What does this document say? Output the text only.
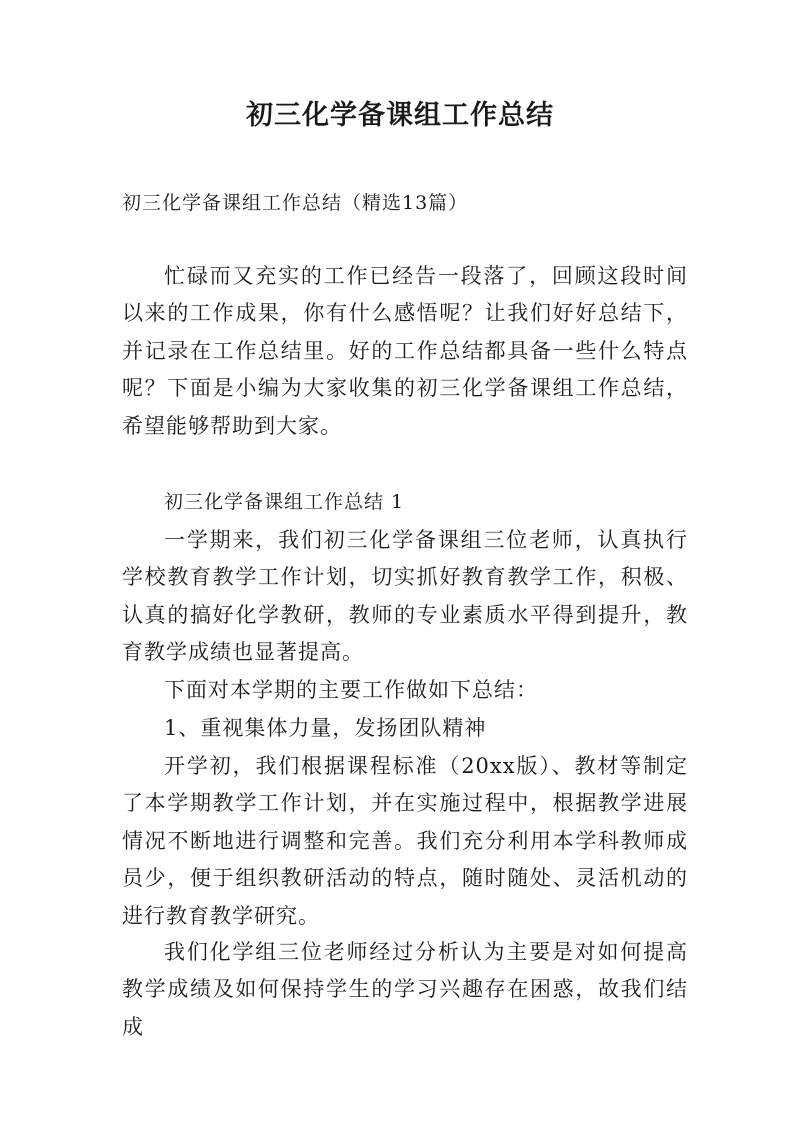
初三化学备课组工作总结
初三化学备课组工作总结（精选13篇）

忙碌而又充实的工作已经告一段落了，回顾这段时间以来的工作成果，你有什么感悟呢？让我们好好总结下，并记录在工作总结里。好的工作总结都具备一些什么特点呢？下面是小编为大家收集的初三化学备课组工作总结，希望能够帮助到大家。

初三化学备课组工作总结 1

一学期来，我们初三化学备课组三位老师，认真执行学校教育教学工作计划，切实抓好教育教学工作，积极、认真的搞好化学教研，教师的专业素质水平得到提升，教育教学成绩也显著提高。

下面对本学期的主要工作做如下总结：

1、重视集体力量，发扬团队精神

开学初，我们根据课程标准（20xx版）、教材等制定了本学期教学工作计划，并在实施过程中，根据教学进展情况不断地进行调整和完善。我们充分利用本学科教师成员少，便于组织教研活动的特点，随时随处、灵活机动的进行教育教学研究。

我们化学组三位老师经过分析认为主要是对如何提高教学成绩及如何保持学生的学习兴趣存在困惑，故我们结成
